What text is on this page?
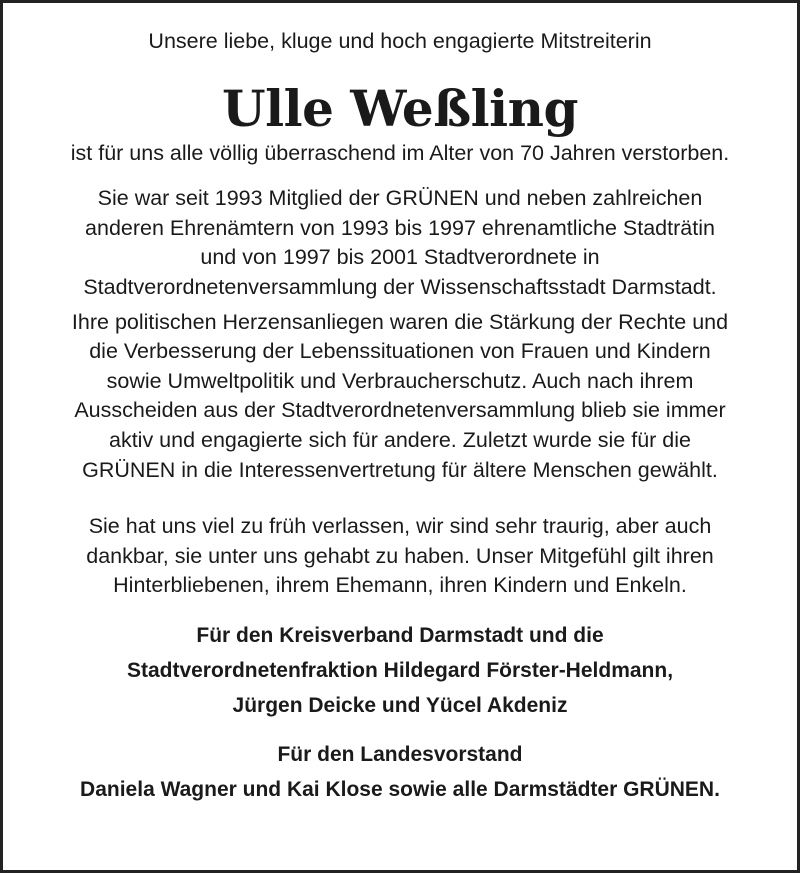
Unsere liebe, kluge und hoch engagierte Mitstreiterin
Ulle Weßling
ist für uns alle völlig überraschend im Alter von 70 Jahren verstorben.
Sie war seit 1993 Mitglied der GRÜNEN und neben zahlreichen
anderen Ehrenämtern von 1993 bis 1997 ehrenamtliche Stadträtin
und von 1997 bis 2001 Stadtverordnete in
Stadtverordnetenversammlung der Wissenschaftsstadt Darmstadt.
Ihre politischen Herzensanliegen waren die Stärkung der Rechte und
die Verbesserung der Lebenssituationen von Frauen und Kindern
sowie Umweltpolitik und Verbraucherschutz. Auch nach ihrem
Ausscheiden aus der Stadtverordnetenversammlung blieb sie immer
aktiv und engagierte sich für andere. Zuletzt wurde sie für die
GRÜNEN in die Interessenvertretung für ältere Menschen gewählt.
Sie hat uns viel zu früh verlassen, wir sind sehr traurig, aber auch
dankbar, sie unter uns gehabt zu haben. Unser Mitgefühl gilt ihren
Hinterbliebenen, ihrem Ehemann, ihren Kindern und Enkeln.
Für den Kreisverband Darmstadt und die
Stadtverordnetenfraktion Hildegard Förster-Heldmann,
Jürgen Deicke und Yücel Akdeniz
Für den Landesvorstand
Daniela Wagner und Kai Klose sowie alle Darmstädter GRÜNEN.
